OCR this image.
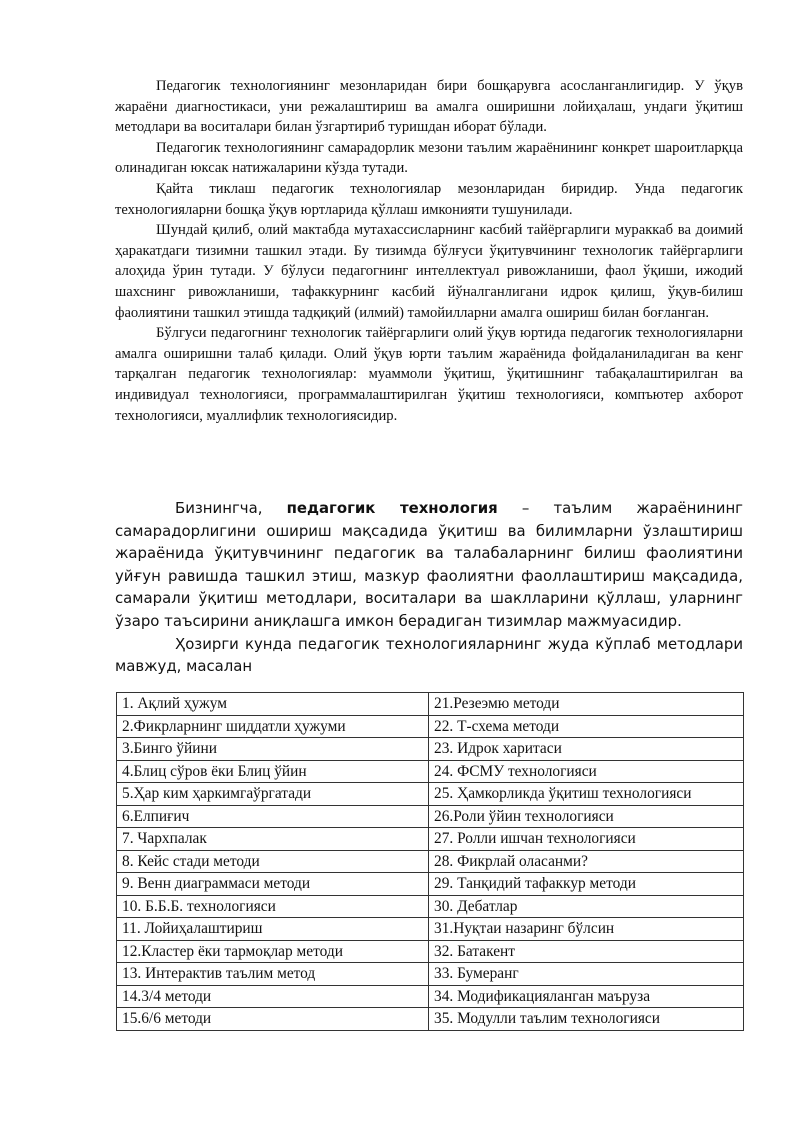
Педагогик технологиянинг мезонларидан бири бошқарувга асосланганлигидир. У ўқув жараёни диагностикаси, уни режалаштириш ва амалга оширишни лойиҳалаш, ундаги ўқитиш методлари ва воситалари билан ўзгартириб туришдан иборат бўлади.

Педагогик технологиянинг самарадорлик мезони таълим жараёнининг конкрет шароитларқца олинадиган юксак натижаларини кўзда тутади.

Қайта тиклаш педагогик технологиялар мезонларидан биридир. Унда педагогик технологияларни бошқа ўқув юртларида қўллаш имконияти тушунилади.

Шундай қилиб, олий мактабда мутахассисларнинг касбий тайёргарлиги мураккаб ва доимий ҳаракатдаги тизимни ташкил этади. Бу тизимда бўлғуси ўқитувчининг технологик тайёргарлиги алоҳида ўрин тутади. У бўлуси педагогнинг интеллектуал ривожланиши, фаол ўқиши, ижодий шахснинг ривожланиши, тафаккурнинг касбий йўналганлигани идрок қилиш, ўқув-билиш фаолиятини ташкил этишда тадқиқий (илмий) тамойилларни амалга ошириш билан боғланган.

Бўлгуси педагогнинг технологик тайёргарлиги олий ўқув юртида педагогик технологияларни амалга оширишни талаб қилади. Олий ўқув юрти таълим жараёнида фойдаланиладиган ва кенг тарқалган педагогик технологиялар: муаммоли ўқитиш, ўқитишнинг табақалаштирилган ва индивидуал технологияси, программалаштирилган ўқитиш технологияси, компъютер ахборот технологияси, муаллифлик технологиясидир.

Бизнингча, педагогик технология – таълим жараёнининг самарадорлигини ошириш мақсадида ўқитиш ва билимларни ўзлаштириш жараёнида ўқитувчининг педагогик ва талабаларнинг билиш фаолиятини уйғун равишда ташкил этиш, мазкур фаолиятни фаоллаштириш мақсадида, самарали ўқитиш методлари, воситалари ва шаклларини қўллаш, уларнинг ўзаро таъсирини аниқлашга имкон берадиган тизимлар мажмуасидир.

Ҳозирги кунда педагогик технологияларнинг жуда кўплаб методлари мавжуд, масалан

1. Ақлий ҳужум	21.Резеэмю методи
2.Фикрларнинг шиддатли ҳужуми	22. Т-схема методи
3.Бинго ўйини	23. Идрок харитаси
4.Блиц сўров ёки Блиц ўйин	24. ФСМУ технологияси
5.Ҳар ким ҳаркимгаўргатади	25. Ҳамкорликда ўқитиш технологияси
6.Елпиғич	26.Роли ўйин технологияси
7. Чархпалак	27. Ролли ишчан технологияси
8. Кейс стади методи	28. Фикрлай оласанми?
9. Венн диаграммаси методи	29. Танқидий тафаккур методи
10. Б.Б.Б. технологияси	30. Дебатлар
11. Лойиҳалаштириш	31.Нуқтаи назаринг бўлсин
12.Кластер ёки тармоқлар методи	32. Батакент
13. Интерактив таълим метод	33. Бумеранг
14.3/4 методи	34. Модификацияланган маъруза
15.6/6 методи	35. Модулли таълим технологияси
